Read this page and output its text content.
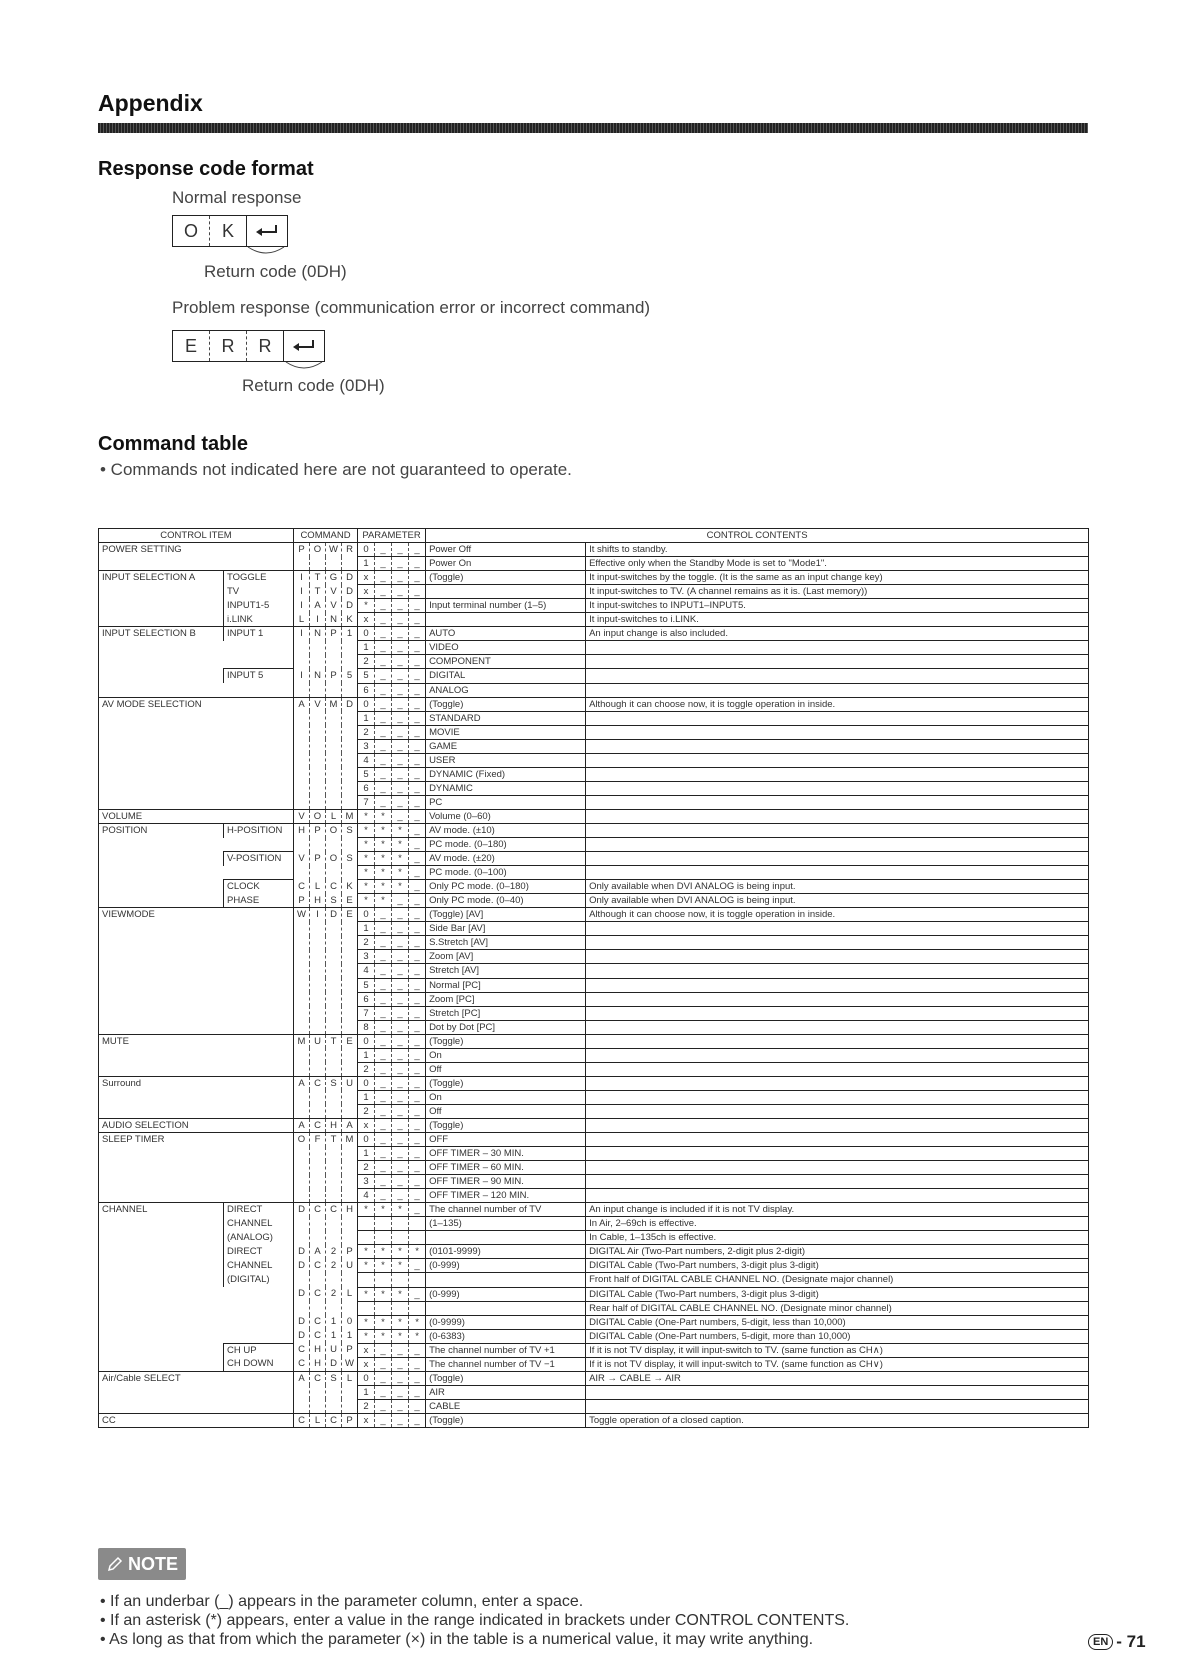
Appendix
Response code format
Normal response
O	K
Return code (0DH)
Problem response (communication error or incorrect command)
E	R	R
Return code (0DH)
Command table
• Commands not indicated here are not guaranteed to operate.
CONTROL ITEM		COMMAND				PARAMETER				CONTROL CONTENTS	
POWER SETTING		P	O	W	R	0	_	_	_	Power Off	It shifts to standby.
						1	_	_	_	Power On	Effective only when the Standby Mode is set to "Mode1".
INPUT SELECTION A	TOGGLE	I	T	G	D	x	_	_	_	(Toggle)	It input-switches by the toggle. (It is the same as an input change key)
	TV	I	T	V	D	x	_	_	_		It input-switches to TV. (A channel remains as it is. (Last memory))
	INPUT1-5	I	A	V	D	*	_	_	_	Input terminal number (1–5)	It input-switches to INPUT1–INPUT5.
	i.LINK	L	I	N	K	x	_	_	_		It input-switches to i.LINK.
INPUT SELECTION B	INPUT 1	I	N	P	1	0	_	_	_	AUTO	An input change is also included.
						1	_	_	_	VIDEO	
						2	_	_	_	COMPONENT	
	INPUT 5	I	N	P	5	5	_	_	_	DIGITAL	
						6	_	_	_	ANALOG	
AV MODE SELECTION		A	V	M	D	0	_	_	_	(Toggle)	Although it can choose now, it is toggle operation in inside.
						1	_	_	_	STANDARD	
						2	_	_	_	MOVIE	
						3	_	_	_	GAME	
						4	_	_	_	USER	
						5	_	_	_	DYNAMIC (Fixed)	
						6	_	_	_	DYNAMIC	
						7	_	_	_	PC	
VOLUME		V	O	L	M	*	*	_	_	Volume (0–60)	
POSITION	H-POSITION	H	P	O	S	*	*	*	_	AV mode. (±10)	
						*	*	*	_	PC mode. (0–180)	
	V-POSITION	V	P	O	S	*	*	*	_	AV mode. (±20)	
						*	*	*	_	PC mode. (0–100)	
	CLOCK	C	L	C	K	*	*	*	_	Only PC mode. (0–180)	Only available when DVI ANALOG is being input.
	PHASE	P	H	S	E	*	*	_	_	Only PC mode. (0–40)	Only available when DVI ANALOG is being input.
VIEWMODE		W	I	D	E	0	_	_	_	(Toggle) [AV]	Although it can choose now, it is toggle operation in inside.
						1	_	_	_	Side Bar [AV]	
						2	_	_	_	S.Stretch [AV]	
						3	_	_	_	Zoom [AV]	
						4	_	_	_	Stretch [AV]	
						5	_	_	_	Normal [PC]	
						6	_	_	_	Zoom [PC]	
						7	_	_	_	Stretch [PC]	
						8	_	_	_	Dot by Dot [PC]	
MUTE		M	U	T	E	0	_	_	_	(Toggle)	
						1	_	_	_	On	
						2	_	_	_	Off	
Surround		A	C	S	U	0	_	_	_	(Toggle)	
						1	_	_	_	On	
						2	_	_	_	Off	
AUDIO SELECTION		A	C	H	A	x	_	_	_	(Toggle)	
SLEEP TIMER		O	F	T	M	0	_	_	_	OFF	
						1	_	_	_	OFF TIMER – 30 MIN.	
						2	_	_	_	OFF TIMER – 60 MIN.	
						3	_	_	_	OFF TIMER – 90 MIN.	
						4	_	_	_	OFF TIMER – 120 MIN.	
CHANNEL	DIRECT	D	C	C	H	*	*	*	_	The channel number of TV	An input change is included if it is not TV display.
	CHANNEL									(1–135)	In Air, 2–69ch is effective.
	(ANALOG)										In Cable, 1–135ch is effective.
	DIRECT	D	A	2	P	*	*	*	*	(0101-9999)	DIGITAL Air (Two-Part numbers, 2-digit plus 2-digit)
	CHANNEL	D	C	2	U	*	*	*	_	(0-999)	DIGITAL Cable (Two-Part numbers, 3-digit plus 3-digit)
	(DIGITAL)										Front half of DIGITAL CABLE CHANNEL NO. (Designate major channel)
		D	C	2	L	*	*	*	_	(0-999)	DIGITAL Cable (Two-Part numbers, 3-digit plus 3-digit)
											Rear half of DIGITAL CABLE CHANNEL NO. (Designate minor channel)
		D	C	1	0	*	*	*	*	(0-9999)	DIGITAL Cable (One-Part numbers, 5-digit, less than 10,000)
		D	C	1	1	*	*	*	*	(0-6383)	DIGITAL Cable (One-Part numbers, 5-digit, more than 10,000)
	CH UP	C	H	U	P	x	_	_	_	The channel number of TV +1	If it is not TV display, it will input-switch to TV. (same function as CH∧)
	CH DOWN	C	H	D	W	x	_	_	_	The channel number of TV −1	If it is not TV display, it will input-switch to TV. (same function as CH∨)
Air/Cable SELECT		A	C	S	L	0	_	_	_	(Toggle)	AIR → CABLE → AIR
						1	_	_	_	AIR	
						2	_	_	_	CABLE	
CC		C	L	C	P	x	_	_	_	(Toggle)	Toggle operation of a closed caption.
NOTE
• If an underbar (_) appears in the parameter column, enter a space.
• If an asterisk (*) appears, enter a value in the range indicated in brackets under CONTROL CONTENTS.
• As long as that from which the parameter (×) in the table is a numerical value, it may write anything.	EN - 71
